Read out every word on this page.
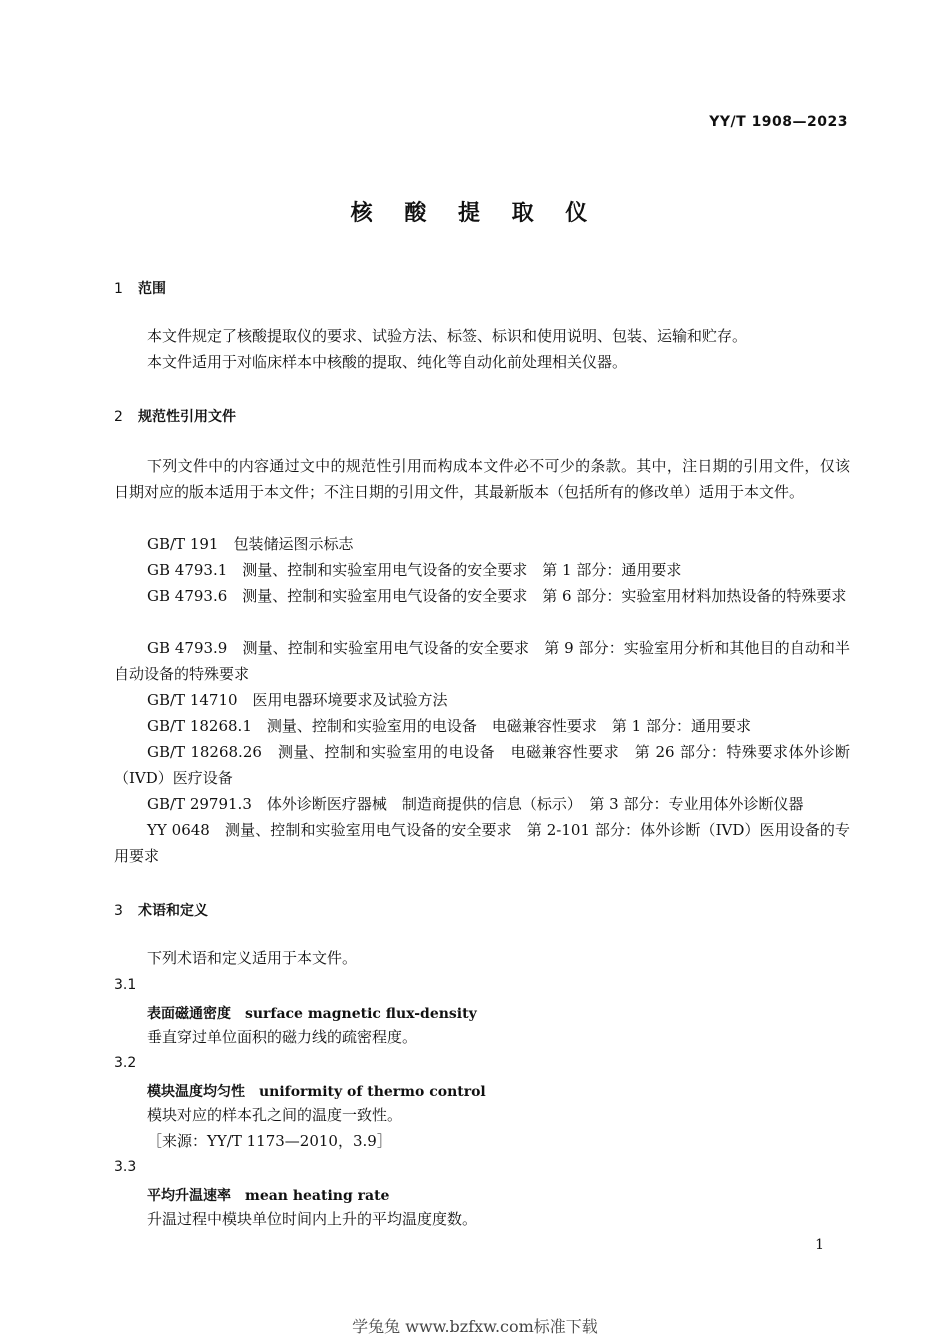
YY/T 1908—2023
核 酸 提 取 仪
1 范围
本文件规定了核酸提取仪的要求、试验方法、标签、标识和使用说明、包装、运输和贮存。
本文件适用于对临床样本中核酸的提取、纯化等自动化前处理相关仪器。
2 规范性引用文件
下列文件中的内容通过文中的规范性引用而构成本文件必不可少的条款。其中，注日期的引用文件，仅该日期对应的版本适用于本文件；不注日期的引用文件，其最新版本（包括所有的修改单）适用于本文件。
GB/T 191　包装储运图示标志
GB 4793.1　测量、控制和实验室用电气设备的安全要求　第 1 部分：通用要求
GB 4793.6　测量、控制和实验室用电气设备的安全要求　第 6 部分：实验室用材料加热设备的特殊要求
GB 4793.9　测量、控制和实验室用电气设备的安全要求　第 9 部分：实验室用分析和其他目的自动和半自动设备的特殊要求
GB/T 14710　医用电器环境要求及试验方法
GB/T 18268.1　测量、控制和实验室用的电设备　电磁兼容性要求　第 1 部分：通用要求
GB/T 18268.26　测量、控制和实验室用的电设备　电磁兼容性要求　第 26 部分：特殊要求体外诊断（IVD）医疗设备
GB/T 29791.3　体外诊断医疗器械　制造商提供的信息（标示）　第 3 部分：专业用体外诊断仪器
YY 0648　测量、控制和实验室用电气设备的安全要求　第 2-101 部分：体外诊断（IVD）医用设备的专用要求
3 术语和定义
下列术语和定义适用于本文件。
3.1
表面磁通密度 surface magnetic flux-density
垂直穿过单位面积的磁力线的疏密程度。
3.2
模块温度均匀性 uniformity of thermo control
模块对应的样本孔之间的温度一致性。
［来源：YY/T 1173—2010，3.9］
3.3
平均升温速率 mean heating rate
升温过程中模块单位时间内上升的平均温度度数。
1
学兔兔 www.bzfxw.com标准下载
